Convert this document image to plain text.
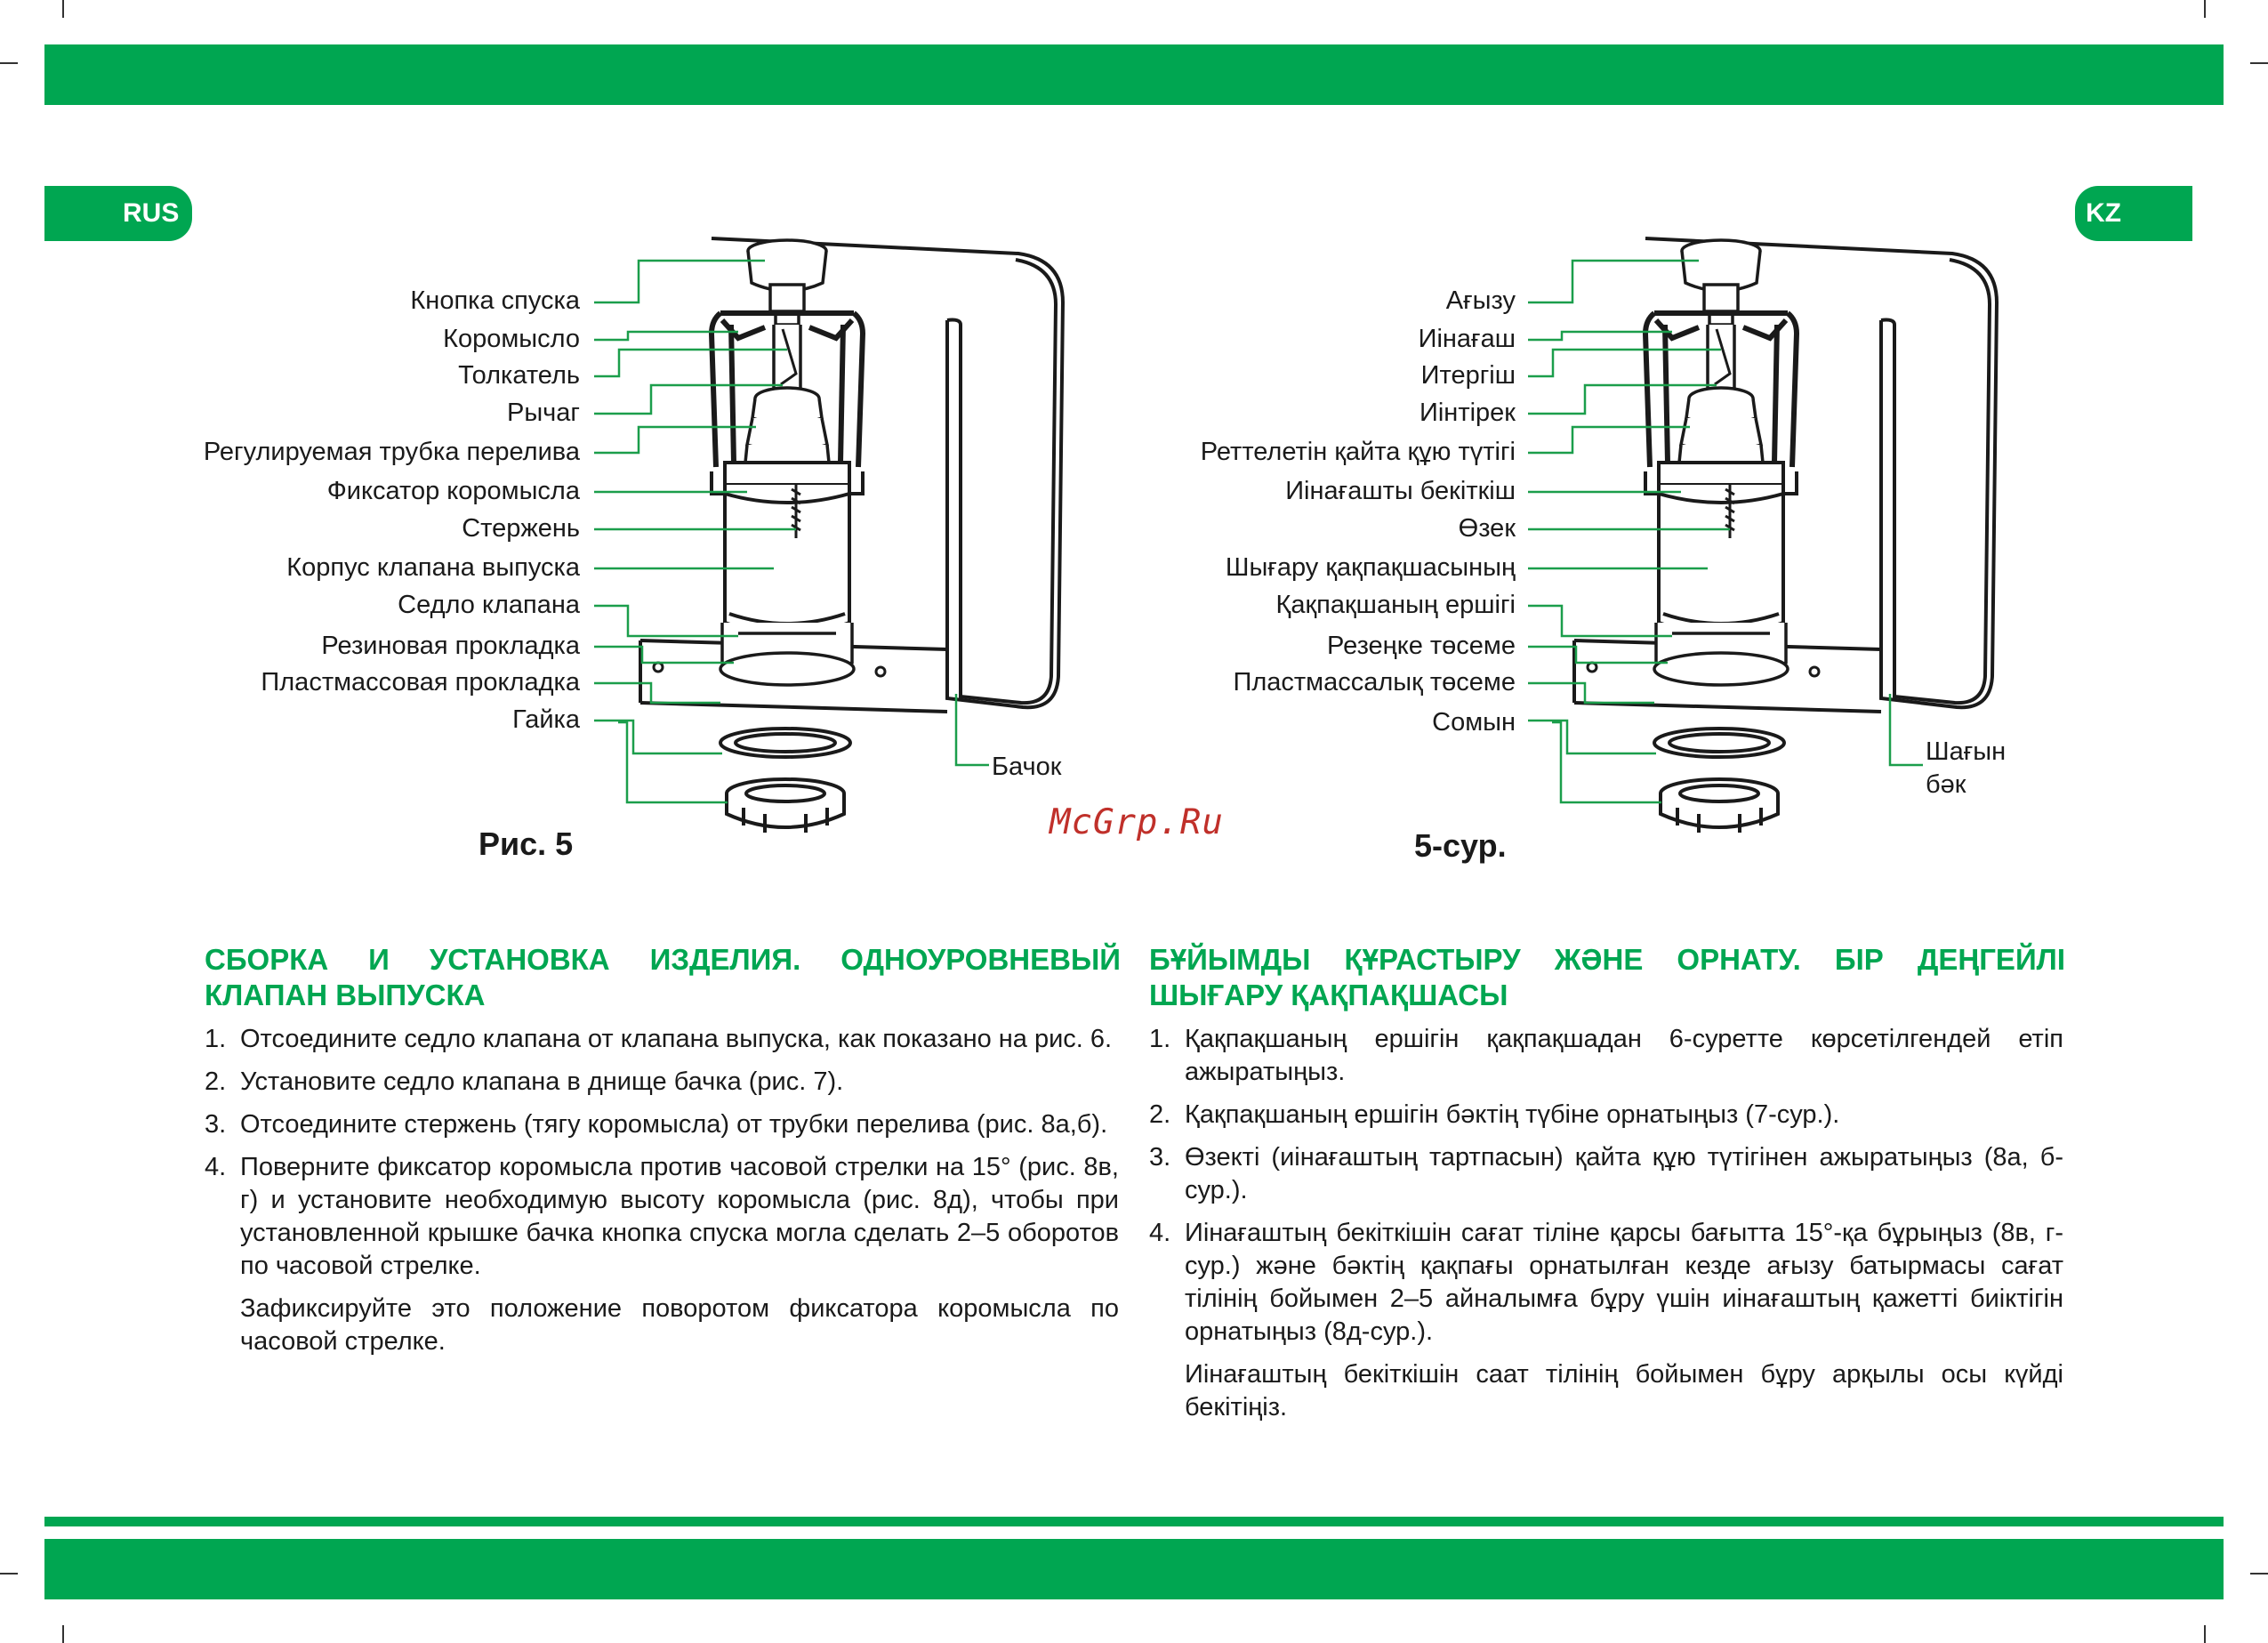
RUS	KZ
Кнопка спуска
Коромысло
Толкатель
Рычаг
Регулируемая трубка перелива
Фиксатор коромысла
Стержень
Корпус клапана выпуска
Седло клапана
Резиновая прокладка
Пластмассовая прокладка
Гайка
Бачок
Рис. 5
Ағызу
Иінағаш
Итергіш
Иінтірек
Реттелетін қайта құю түтігі
Иінағашты бекіткіш
Өзек
Шығару қақпақшасының
Қақпақшаның ершігі
Резеңке төсеме
Пластмассалық төсеме
Сомын
Шағын
бәк
5-сур.
McGrp.Ru
СБОРКА И УСТАНОВКА ИЗДЕЛИЯ. ОДНОУРОВНЕВЫЙ КЛАПАН ВЫПУСКА
1. Отсоедините седло клапана от клапана выпуска, как показано на рис. 6.
2. Установите седло клапана в днище бачка (рис. 7).
3. Отсоедините стержень (тягу коромысла) от трубки перелива (рис. 8а,б).
4. Поверните фиксатор коромысла против часовой стрелки на 15° (рис. 8в, г) и установите необходимую высоту коромысла (рис. 8д), чтобы при установленной крышке бачка кнопка спуска могла сделать 2–5 оборотов по часовой стрелке.

Зафиксируйте это положение поворотом фиксатора коромысла по часовой стрелке.

БҰЙЫМДЫ ҚҰРАСТЫРУ ЖӘНЕ ОРНАТУ. БІР ДЕҢГЕЙЛІ ШЫҒАРУ ҚАҚПАҚШАСЫ
1. Қақпақшаның ершігін қақпақшадан 6-суретте көрсетілгендей етіп ажыратыңыз.
2. Қақпақшаның ершігін бәктің түбіне орнатыңыз (7-сур.).
3. Өзекті (иінағаштың тартпасын) қайта құю түтігінен ажыратыңыз (8а, б-сур.).
4. Иінағаштың бекіткішін сағат тіліне қарсы бағытта 15°-қа бұрыңыз (8в, г-сур.) және бәктің қақпағы орнатылған кезде ағызу батырмасы сағат тілінің бойымен 2–5 айналымға бұру үшін иінағаштың қажетті биіктігін орнатыңыз (8д-сур.).

Иінағаштың бекіткішін саат тілінің бойымен бұру арқылы осы күйді бекітіңіз.
